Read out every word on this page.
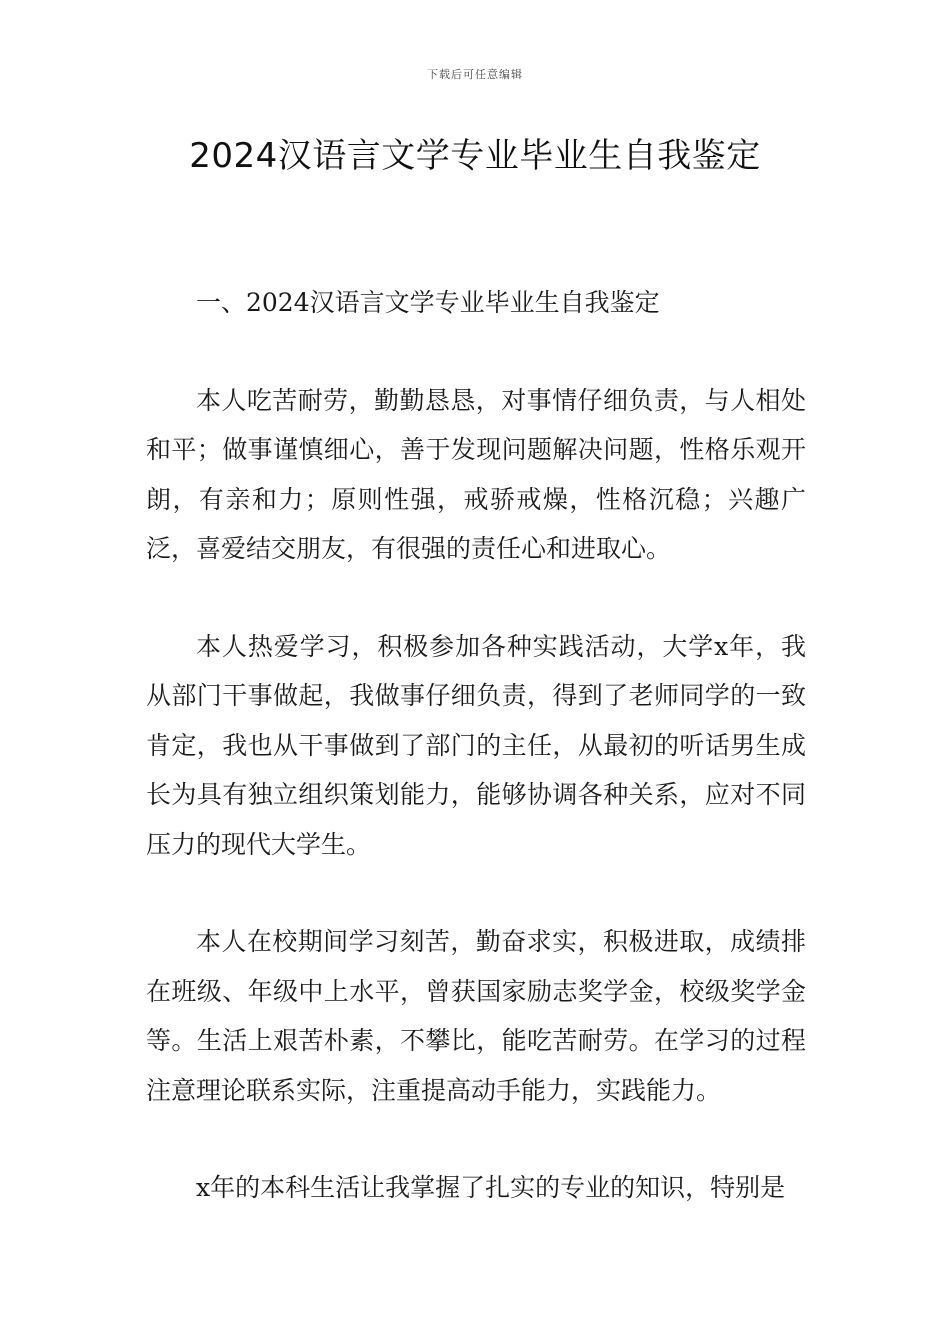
下载后可任意编辑
2024汉语言文学专业毕业生自我鉴定

一、2024汉语言文学专业毕业生自我鉴定

本人吃苦耐劳，勤勤恳恳，对事情仔细负责，与人相处和平；做事谨慎细心，善于发现问题解决问题，性格乐观开朗，有亲和力；原则性强，戒骄戒燥，性格沉稳；兴趣广泛，喜爱结交朋友，有很强的责任心和进取心。

本人热爱学习，积极参加各种实践活动，大学x年，我从部门干事做起，我做事仔细负责，得到了老师同学的一致肯定，我也从干事做到了部门的主任，从最初的听话男生成长为具有独立组织策划能力，能够协调各种关系，应对不同压力的现代大学生。

本人在校期间学习刻苦，勤奋求实，积极进取，成绩排在班级、年级中上水平，曾获国家励志奖学金，校级奖学金等。生活上艰苦朴素，不攀比，能吃苦耐劳。在学习的过程注意理论联系实际，注重提高动手能力，实践能力。

x年的本科生活让我掌握了扎实的专业的知识，特别是
